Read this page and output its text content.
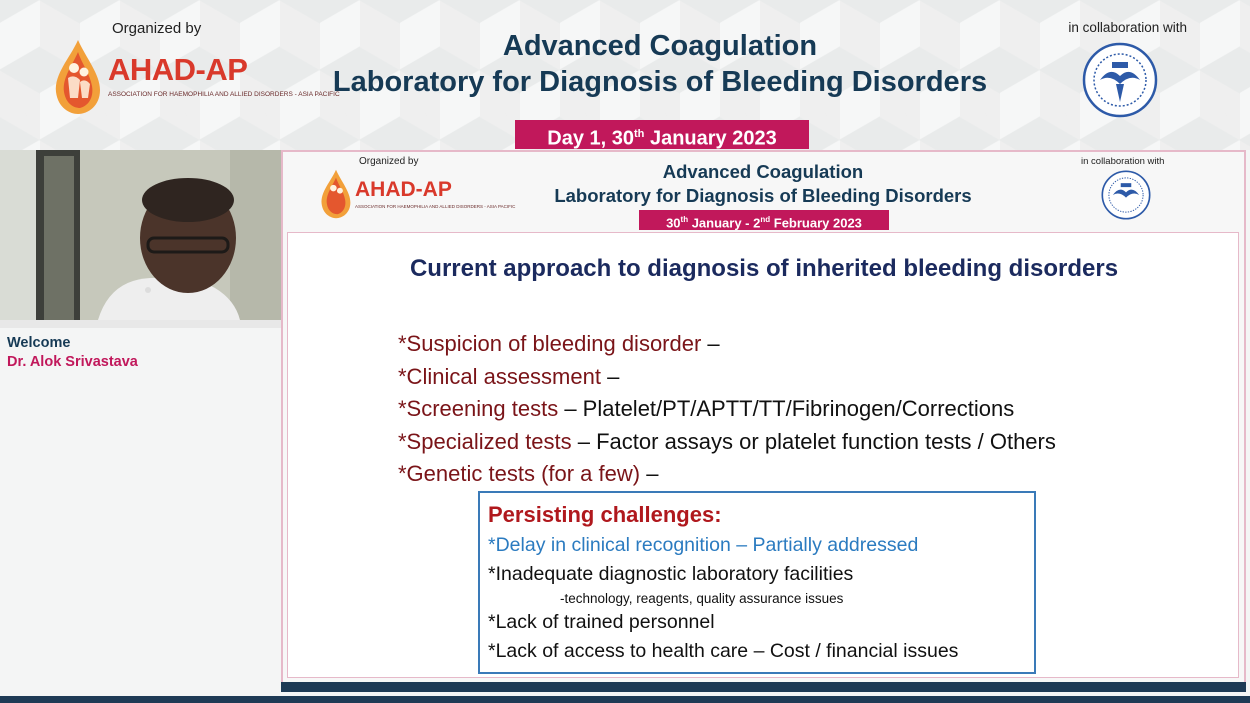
Organized by
AHAD-AP
ASSOCIATION FOR HAEMOPHILIA AND ALLIED DISORDERS - ASIA PACIFIC
Advanced Coagulation
Laboratory for Diagnosis of Bleeding Disorders
in collaboration with
Day 1, 30th January 2023
Welcome
Dr. Alok Srivastava
Organized by
AHAD-AP
ASSOCIATION FOR HAEMOPHILIA AND ALLIED DISORDERS - ASIA PACIFIC
Advanced Coagulation
Laboratory for Diagnosis of Bleeding Disorders
in collaboration with
30th January - 2nd February 2023
Current approach to diagnosis of inherited bleeding disorders
*Suspicion of bleeding disorder –
*Clinical assessment –
*Screening tests – Platelet/PT/APTT/TT/Fibrinogen/Corrections
*Specialized tests – Factor assays or platelet function tests / Others
*Genetic tests (for a few) –
Persisting challenges:
*Delay in clinical recognition – Partially addressed
*Inadequate diagnostic laboratory facilities
-technology, reagents, quality assurance issues
*Lack of trained personnel
*Lack of access to health care – Cost / financial issues
